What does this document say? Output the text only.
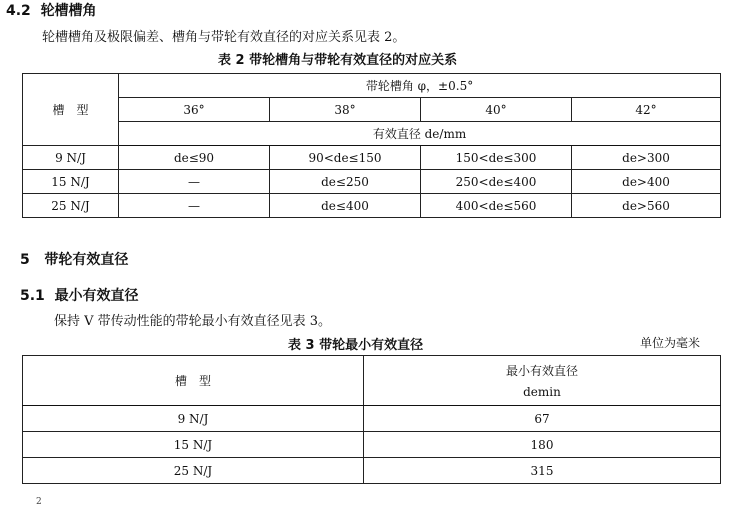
4.2 轮槽槽角
轮槽槽角及极限偏差、槽角与带轮有效直径的对应关系见表 2。
表 2 带轮槽角与带轮有效直径的对应关系
槽　型	带轮槽角 φ，±0.5°			
	36°	38°	40°	42°
	有效直径 de/mm			
9 N/J	de≤90	90<de≤150	150<de≤300	de>300
15 N/J	—	de≤250	250<de≤400	de>400
25 N/J	—	de≤400	400<de≤560	de>560
5 带轮有效直径
5.1 最小有效直径
保持 V 带传动性能的带轮最小有效直径见表 3。
表 3 带轮最小有效直径	单位为毫米
槽　型	最小有效直径
demin

9 N/J	67
15 N/J	180
25 N/J	315
2
